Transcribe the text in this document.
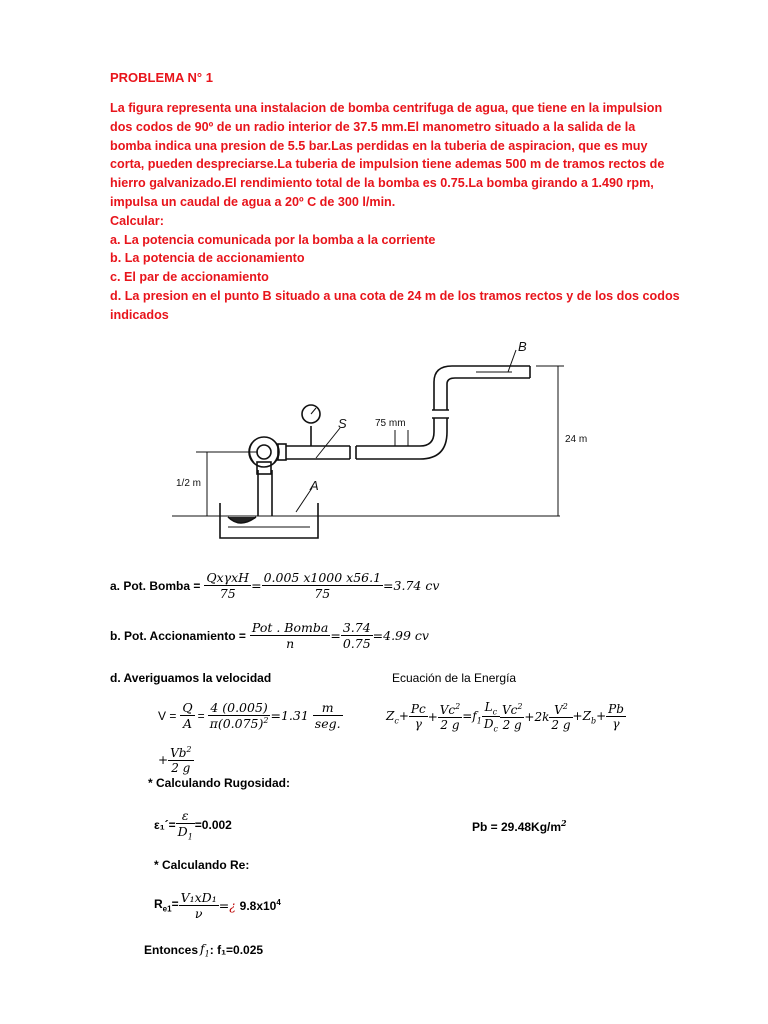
PROBLEMA N° 1
La figura representa una instalacion de bomba centrifuga de agua, que tiene en la impulsion
dos codos de 90º de un radio interior de 37.5 mm.El manometro situado a la salida de la
bomba indica una presion de 5.5 bar.Las perdidas en la tuberia de aspiracion, que es muy
corta, pueden despreciarse.La tuberia de impulsion tiene ademas 500 m de tramos rectos de
hierro galvanizado.El rendimiento total de la bomba es 0.75.La bomba girando a 1.490 rpm,
impulsa un caudal de agua a 20º C de 300 l/min.
Calcular:
a. La potencia comunicada por la bomba a la corriente
b. La potencia de accionamiento
c. El par de accionamiento
d. La presion en el punto B situado a una cota de 24 m de los tramos rectos y de los dos codos
indicados
B
S
A
75 mm
24 m
1/2 m
a. Pot. Bomba = $\frac{\text{QxγxH}}{75} = \frac{0.005 x1000 x56.1}{75} =3.74$ cv
b. Pot. Accionamiento = $\frac{\text{Pot . Bomba}}{n} = \frac{3.74}{0.75} =4.99$ cv
d. Averiguamos la velocidad	Ecuación de la Energía
$V = \frac{Q}{A} = \frac{4 (0.005)}{\pi(0.075)^2} =1.31 \frac{m}{\text{seg.}}$	$Z_c+ \frac{Pc}{\gamma} + \frac{Vc^2}{2 g} =f_1 \frac{L_c}{D_c} \frac{Vc^2}{2 g} +2k \frac{V^2}{2 g} +Z_b+ \frac{Pb}{\gamma}$
+ $\frac{Vb^2}{2 g}$
* Calculando Rugosidad:
ε₁´= $\frac{\varepsilon}{D_1} =0.002$	$Pb = 29.48Kg/m^2$
* Calculando Re:
$R_{e1}= \frac{\text{V₁xD₁}}{\nu}$ = ¿ $9.8x10^4$
Entonces $f_1$ : f₁=0.025
